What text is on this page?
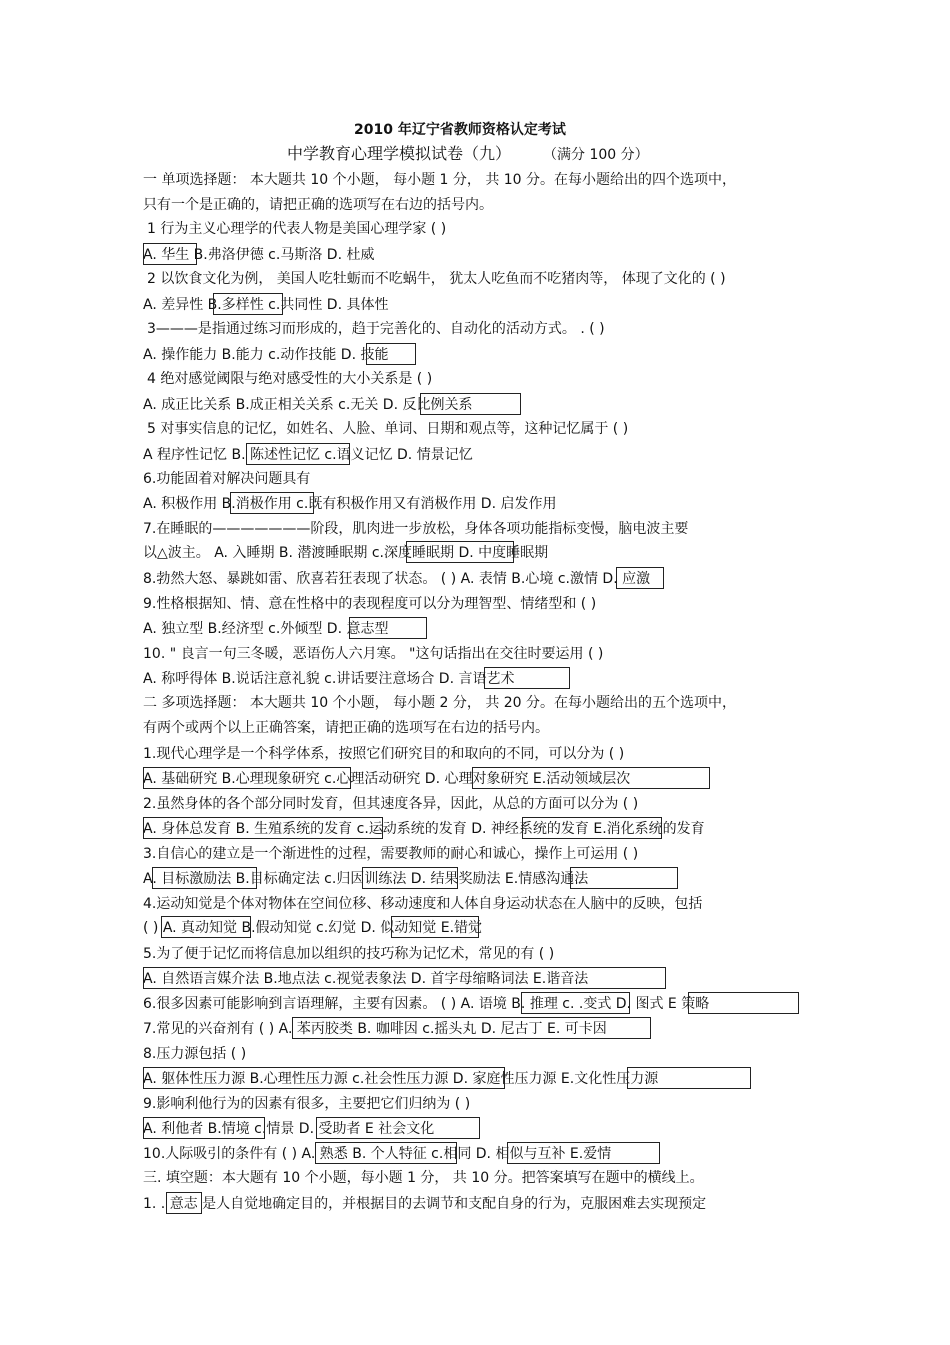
2010 年辽宁省教师资格认定考试
中学教育心理学模拟试卷（九） （满分 100 分）
一 单项选择题： 本大题共 10 个小题， 每小题 1 分， 共 10 分。在每小题给出的四个选项中，
只有一个是正确的，请把正确的选项写在右边的括号内。
1 行为主义心理学的代表人物是美国心理学家 ( )
A. 华生 B.弗洛伊德 c.马斯洛 D. 杜威
2 以饮食文化为例， 美国人吃牡蛎而不吃蜗牛， 犹太人吃鱼而不吃猪肉等， 体现了文化的 ( )
A. 差异性 B.多样性 c.共同性 D. 具体性
3———是指通过练习而形成的，趋于完善化的、自动化的活动方式。 . ( )
A. 操作能力 B.能力 c.动作技能 D. 技能
4 绝对感觉阈限与绝对感受性的大小关系是 ( )
A. 成正比关系 B.成正相关关系 c.无关 D. 反比例关系
5 对事实信息的记忆，如姓名、人脸、单词、日期和观点等，这种记忆属于 ( )
A 程序性记忆 B. 陈述性记忆 c.语义记忆 D. 情景记忆
6.功能固着对解决问题具有
A. 积极作用 B.消极作用 c.既有积极作用又有消极作用 D. 启发作用
7.在睡眠的———————阶段，肌肉进一步放松，身体各项功能指标变慢，脑电波主要
以△波主。 A. 入睡期 B. 潜渡睡眠期 c.深度睡眠期 D. 中度睡眠期
8.勃然大怒、暴跳如雷、欣喜若狂表现了状态。 ( ) A. 表情 B.心境 c.激情 D. 应激
9.性格根据知、情、意在性格中的表现程度可以分为理智型、情绪型和 ( )
A. 独立型 B.经济型 c.外倾型 D. 意志型
10. " 良言一句三冬暖，恶语伤人六月寒。 "这句话指出在交往时要运用 ( )
A. 称呼得体 B.说话注意礼貌 c.讲话要注意场合 D. 言语艺术
二 多项选择题： 本大题共 10 个小题， 每小题 2 分， 共 20 分。在每小题给出的五个选项中，
有两个或两个以上正确答案，请把正确的选项写在右边的括号内。
1.现代心理学是一个科学体系，按照它们研究目的和取向的不同，可以分为 ( )
A. 基础研究 B.心理现象研究 c.心理活动研究 D. 心理对象研究 E.活动领域层次
2.虽然身体的各个部分同时发育，但其速度各异，因此，从总的方面可以分为 ( )
A. 身体总发育 B. 生殖系统的发育 c.运动系统的发育 D. 神经系统的发育 E.消化系统的发育
3.自信心的建立是一个渐进性的过程，需要教师的耐心和诚心，操作上可运用 ( )
A. 目标激励法 B.目标确定法 c.归因训练法 D. 结果奖励法 E.情感沟通法
4.运动知觉是个体对物体在空间位移、移动速度和人体自身运动状态在人脑中的反映，包括
( ) A. 真动知觉 B.假动知觉 c.幻觉 D. 似动知觉 E.错觉
5.为了便于记忆而将信息加以组织的技巧称为记忆术，常见的有 ( )
A. 自然语言媒介法 B.地点法 c.视觉表象法 D. 首字母缩略词法 E.谐音法
6.很多因素可能影响到言语理解，主要有因素。 ( ) A. 语境 B. 推理 c. .变式 D. 图式 E 策略
7.常见的兴奋剂有 ( ) A. 苯丙胶类 B. 咖啡因 c.摇头丸 D. 尼古丁 E. 可卡因
8.压力源包括 ( )
A. 躯体性压力源 B.心理性压力源 c.社会性压力源 D. 家庭性压力源 E.文化性压力源
9.影响利他行为的因素有很多，主要把它们归纳为 ( )
A. 利他者 B.情境 c.情景 D. 受助者 E 社会文化
10.人际吸引的条件有 ( ) A. 熟悉 B. 个人特征 c.相同 D. 相似与互补 E.爱情
三. 填空题：本大题有 10 个小题，每小题 1 分， 共 10 分。把答案填写在题中的横线上。
1. . 意志 是人自觉地确定目的，并根据目的去调节和支配自身的行为，克服困难去实现预定
